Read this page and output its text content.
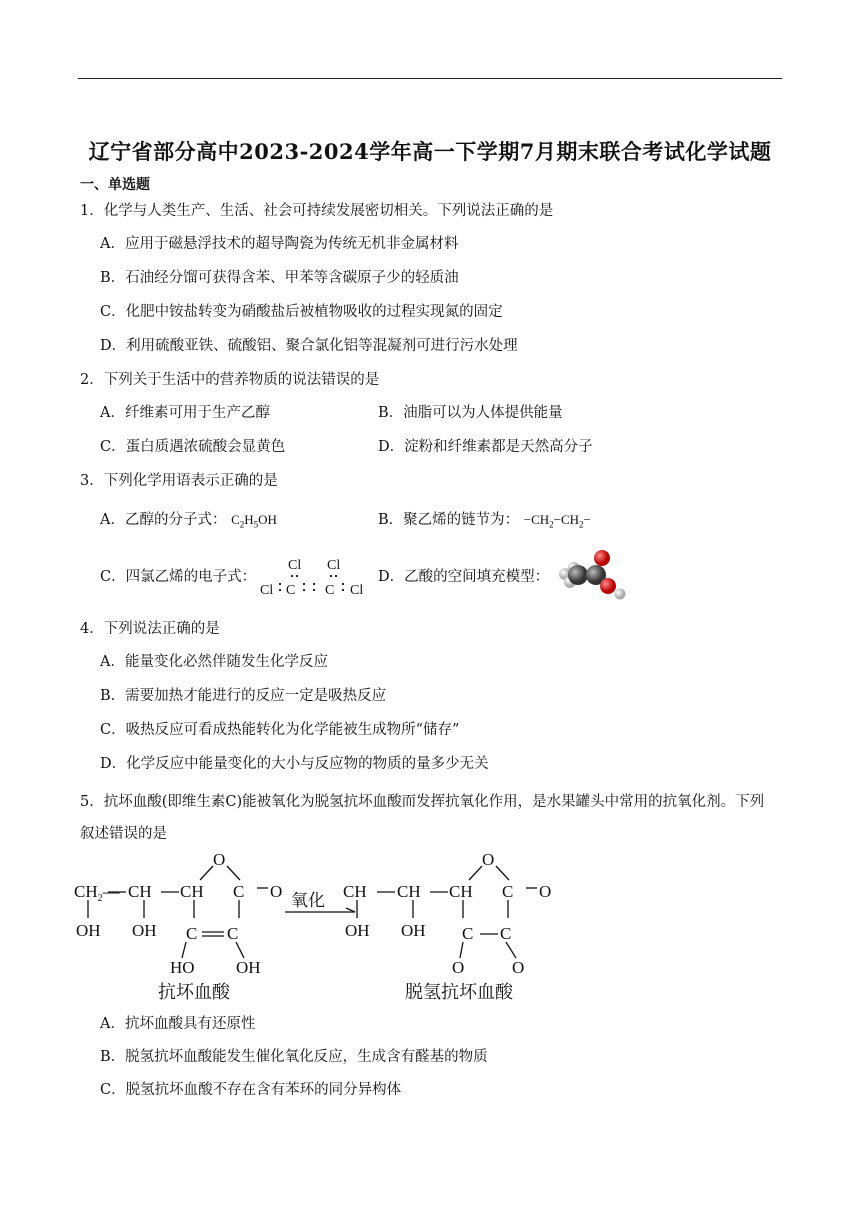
辽宁省部分高中2023-2024学年高一下学期7月期末联合考试化学试题
一、单选题
1．化学与人类生产、生活、社会可持续发展密切相关。下列说法正确的是
A．应用于磁悬浮技术的超导陶瓷为传统无机非金属材料
B．石油经分馏可获得含苯、甲苯等含碳原子少的轻质油
C．化肥中铵盐转变为硝酸盐后被植物吸收的过程实现氮的固定
D．利用硫酸亚铁、硫酸铝、聚合氯化铝等混凝剂可进行污水处理
2．下列关于生活中的营养物质的说法错误的是
A．纤维素可用于生产乙醇	B．油脂可以为人体提供能量
C．蛋白质遇浓硫酸会显黄色	D．淀粉和纤维素都是天然高分子
3．下列化学用语表示正确的是
A．乙醇的分子式： $C_2H_5OH$	B．聚乙烯的链节为： $-CH_2-CH_2-$
C．四氯乙烯的电子式：
Cl Cl
Cl C C Cl
D．乙酸的空间填充模型：
4．下列说法正确的是
A．能量变化必然伴随发生化学反应
B．需要加热才能进行的反应一定是吸热反应
C．吸热反应可看成热能转化为化学能被生成物所“储存”
D．化学反应中能量变化的大小与反应物的物质的量多少无关
5．抗坏血酸(即维生素C)能被氧化为脱氢抗坏血酸而发挥抗氧化作用，是水果罐头中常用的抗氧化剂。下列叙述错误的是
O
$CH_2—$ CH CH C O
OH OH C C
HO OH
O
CH CH CH C O
OH OH C C
O	O
氧化
抗坏血酸	脱氢抗坏血酸
A．抗坏血酸具有还原性
B．脱氢抗坏血酸能发生催化氧化反应，生成含有醛基的物质
C．脱氢抗坏血酸不存在含有苯环的同分异构体
